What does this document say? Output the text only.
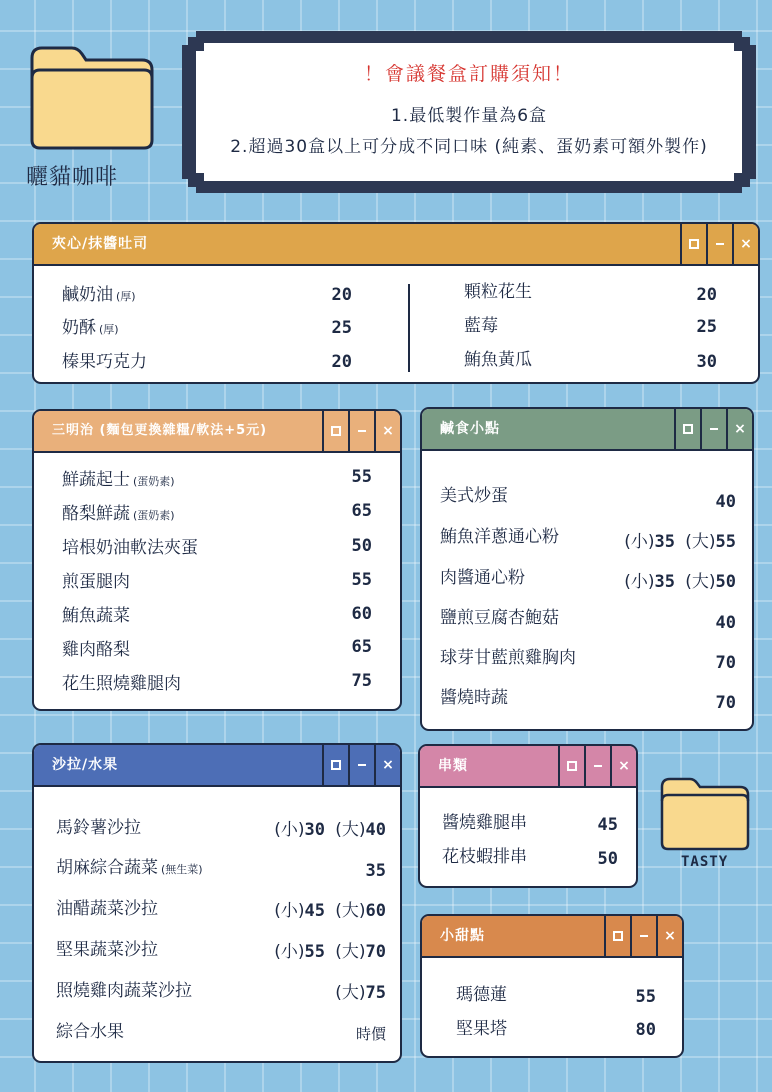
曬貓咖啡
！會議餐盒訂購須知！
1.最低製作量為6盒
2.超過30盒以上可分成不同口味 (純素、蛋奶素可額外製作)
夾心/抹醬吐司	×
鹹奶油 (厚)	20
奶酥 (厚)	25
榛果巧克力	20
顆粒花生	20
藍莓	25
鮪魚黃瓜	30
三明治 (麵包更換雜糧/軟法+5元)	×
鮮蔬起士 (蛋奶素)	55
酪梨鮮蔬 (蛋奶素)	65
培根奶油軟法夾蛋	50
煎蛋腿肉	55
鮪魚蔬菜	60
雞肉酪梨	65
花生照燒雞腿肉	75
鹹食小點	×
美式炒蛋	40
鮪魚洋蔥通心粉	(小)35 (大)55
肉醬通心粉	(小)35 (大)50
鹽煎豆腐杏鮑菇	40
球芽甘藍煎雞胸肉	70
醬燒時蔬	70
沙拉/水果	×
馬鈴薯沙拉	(小)30 (大)40
胡麻綜合蔬菜 (無生菜)	35
油醋蔬菜沙拉	(小)45 (大)60
堅果蔬菜沙拉	(小)55 (大)70
照燒雞肉蔬菜沙拉	(大)75
綜合水果	時價
串類	×
醬燒雞腿串	45
花枝蝦排串	50	TASTY
小甜點	×
瑪德蓮	55
堅果塔	80
